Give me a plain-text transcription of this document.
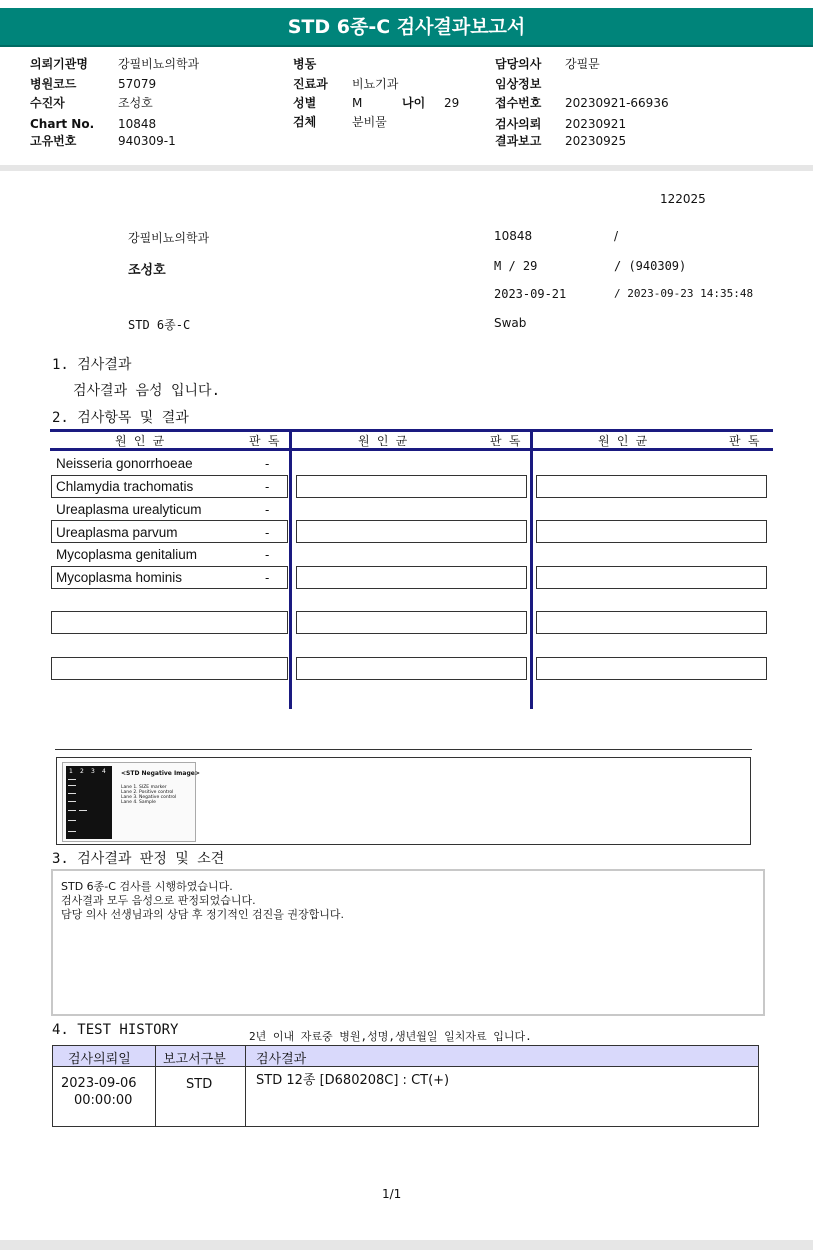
STD 6종-C 검사결과보고서
의뢰기관명	강필비뇨의학과
병원코드	57079
수진자	조성호
Chart No. 10848
고유번호	940309-1
병동
진료과 비뇨기과
성별	M	나이 29
검체	분비물
담당의사 강필문
임상정보
접수번호 20230921-66936
검사의뢰 20230921
결과보고 20230925
122025
강필비뇨의학과	10848	/
조성호	M / 29	/ (940309)
2023-09-21	/ 2023-09-23 14:35:48
STD 6종-C	Swab
1. 검사결과
검사결과 음성 입니다.
2. 검사항목 및 결과
원 인 균	판 독	원 인 균	판 독	원 인 균	판 독
Neisseria gonorrhoeae	-
Chlamydia trachomatis	-
Ureaplasma urealyticum	-
Ureaplasma parvum	-
Mycoplasma genitalium	-
Mycoplasma hominis	-
1 2 3 4	<STD Negative Image>
Lane 1. SIZE marker
Lane 2. Positive control
Lane 3. Negative control
Lane 4. Sample
3. 검사결과 판정 및 소견
STD 6종-C 검사를 시행하였습니다.
검사결과 모두 음성으로 판정되었습니다.
담당 의사 선생님과의 상담 후 정기적인 검진을 권장합니다.
4. TEST HISTORY	2년 이내 자료중 병원,성명,생년월일 일치자료 입니다.
검사의뢰일 보고서구분 검사결과
2023-09-06
00:00:00
STD	STD 12종 [D680208C] : CT(+)
1/1
